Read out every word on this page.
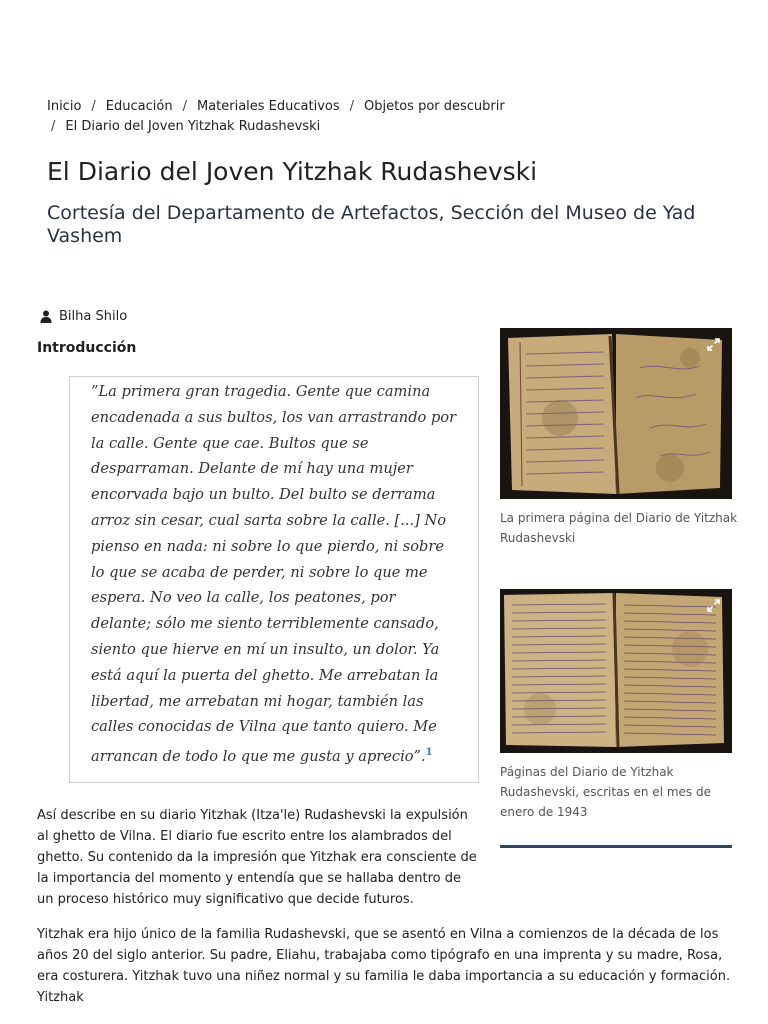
Inicio / Educación / Materiales Educativos / Objetos por descubrir
/ El Diario del Joven Yitzhak Rudashevski
El Diario del Joven Yitzhak Rudashevski
Cortesía del Departamento de Artefactos, Sección del Museo de Yad Vashem
Bilha Shilo
Introducción
”La primera gran tragedia. Gente que camina encadenada a sus bultos, los van arrastrando por la calle. Gente que cae. Bultos que se desparraman. Delante de mí hay una mujer encorvada bajo un bulto. Del bulto se derrama arroz sin cesar, cual sarta sobre la calle. [...] No pienso en nada: ni sobre lo que pierdo, ni sobre lo que se acaba de perder, ni sobre lo que me espera. No veo la calle, los peatones, por delante; sólo me siento terriblemente cansado, siento que hierve en mí un insulto, un dolor. Ya está aquí la puerta del ghetto. Me arrebatan la libertad, me arrebatan mi hogar, también las calles conocidas de Vilna que tanto quiero. Me arrancan de todo lo que me gusta y aprecio”.$^1$

Así describe en su diario Yitzhak (Itza'le) Rudashevski la expulsión al ghetto de Vilna. El diario fue escrito entre los alambrados del ghetto. Su contenido da la impresión que Yitzhak era consciente de la importancia del momento y entendía que se hallaba dentro de un proceso histórico muy significativo que decide futuros.

Yitzhak era hijo único de la familia Rudashevski, que se asentó en Vilna a comienzos de la década de los años 20 del siglo anterior. Su padre, Eliahu, trabajaba como tipógrafo en una imprenta y su madre, Rosa, era costurera. Yitzhak tuvo una niñez normal y su familia le daba importancia a su educación y formación. Yitzhak

La primera página del Diario de Yitzhak Rudashevski

Páginas del Diario de Yitzhak Rudashevski, escritas en el mes de enero de 1943
